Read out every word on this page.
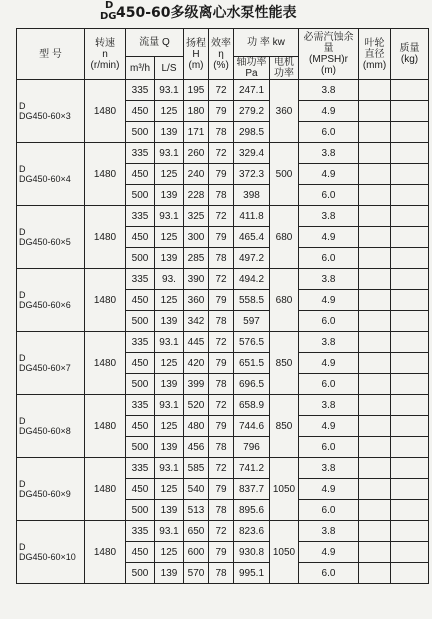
D
DG 450-60多级离心水泵性能表
型 号	转速
n
(r/min)	流量 Q		扬程
H
(m)	效率
η
(%)	功 率 kw		必需汽蚀余量
(MPSH)r
(m)	叶轮
直径
(mm)	质量
(kg)

		m³/h	L/S			轴功率
Pa	电机
功率			

D
DG450-60×3	1480	335	93.1	195	72	247.1	360	3.8		
		450	125	180	79	279.2		4.9		
		500	139	171	78	298.5		6.0		

D
DG450-60×4	1480	335	93.1	260	72	329.4	500	3.8		
		450	125	240	79	372.3		4.9		
		500	139	228	78	398		6.0		

D
DG450-60×5	1480	335	93.1	325	72	411.8	680	3.8		
		450	125	300	79	465.4		4.9		
		500	139	285	78	497.2		6.0		

D
DG450-60×6	1480	335	93.	390	72	494.2	680	3.8		
		450	125	360	79	558.5		4.9		
		500	139	342	78	597		6.0		

D
DG450-60×7	1480	335	93.1	445	72	576.5	850	3.8		
		450	125	420	79	651.5		4.9		
		500	139	399	78	696.5		6.0		

D
DG450-60×8	1480	335	93.1	520	72	658.9	850	3.8		
		450	125	480	79	744.6		4.9		
		500	139	456	78	796		6.0		

D
DG450-60×9	1480	335	93.1	585	72	741.2	1050	3.8		
		450	125	540	79	837.7		4.9		
		500	139	513	78	895.6		6.0		

D
DG450-60×10	1480	335	93.1	650	72	823.6	1050	3.8		
		450	125	600	79	930.8		4.9		
		500	139	570	78	995.1		6.0		
